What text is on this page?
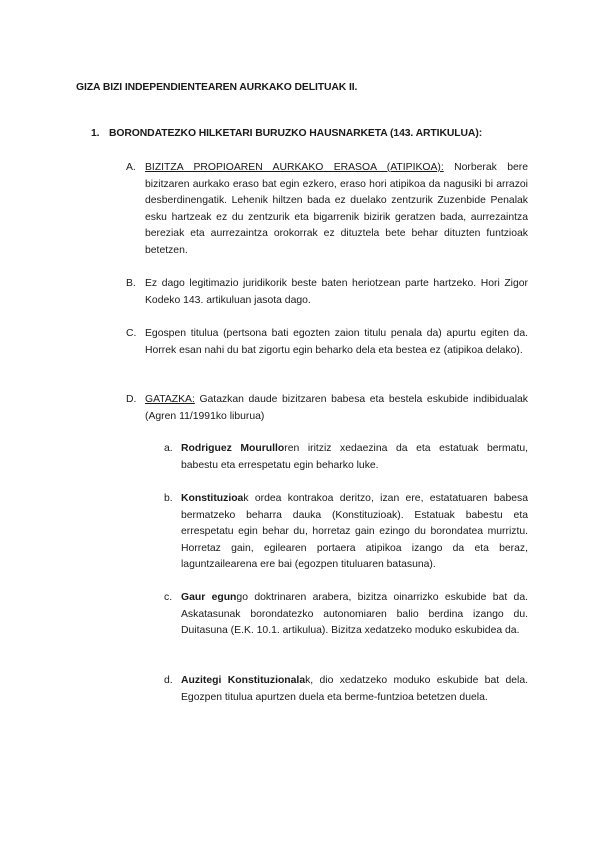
GIZA BIZI INDEPENDIENTEAREN AURKAKO DELITUAK II.
1. BORONDATEZKO HILKETARI BURUZKO HAUSNARKETA (143. ARTIKULUA):
A. BIZITZA PROPIOAREN AURKAKO ERASOA (ATIPIKOA): Norberak bere bizitzaren aurkako eraso bat egin ezkero, eraso hori atipikoa da nagusiki bi arrazoi desberdinengatik. Lehenik hiltzen bada ez duelako zentzurik Zuzenbide Penalak esku hartzeak ez du zentzurik eta bigarrenik bizirik geratzen bada, aurrezaintza bereziak eta aurrezaintza orokorrak ez dituztela bete behar dituzten funtzioak betetzen.
B. Ez dago legitimazio juridikorik beste baten heriotzean parte hartzeko. Hori Zigor Kodeko 143. artikuluan jasota dago.
C. Egospen titulua (pertsona bati egozten zaion titulu penala da) apurtu egiten da. Horrek esan nahi du bat zigortu egin beharko dela eta bestea ez (atipikoa delako).
D. GATAZKA: Gatazkan daude bizitzaren babesa eta bestela eskubide indibidualak (Agren 11/1991ko liburua)
a. Rodriguez Mourulloren iritziz xedaezina da eta estatuak bermatu, babestu eta errespetatu egin beharko luke.
b. Konstituzioak ordea kontrakoa deritzo, izan ere, estatatuaren babesa bermatzeko beharra dauka (Konstituzioak). Estatuak babestu eta errespetatu egin behar du, horretaz gain ezingo du borondatea murriztu. Horretaz gain, egilearen portaera atipikoa izango da eta beraz, laguntzailearena ere bai (egozpen tituluaren batasuna).
c. Gaur egungo doktrinaren arabera, bizitza oinarrizko eskubide bat da. Askatasunak borondatezko autonomiaren balio berdina izango du. Duitasuna (E.K. 10.1. artikulua). Bizitza xedatzeko moduko eskubidea da.
d. Auzitegi Konstituzionalak, dio xedatzeko moduko eskubide bat dela. Egozpen titulua apurtzen duela eta berme-funtzioa betetzen duela.
